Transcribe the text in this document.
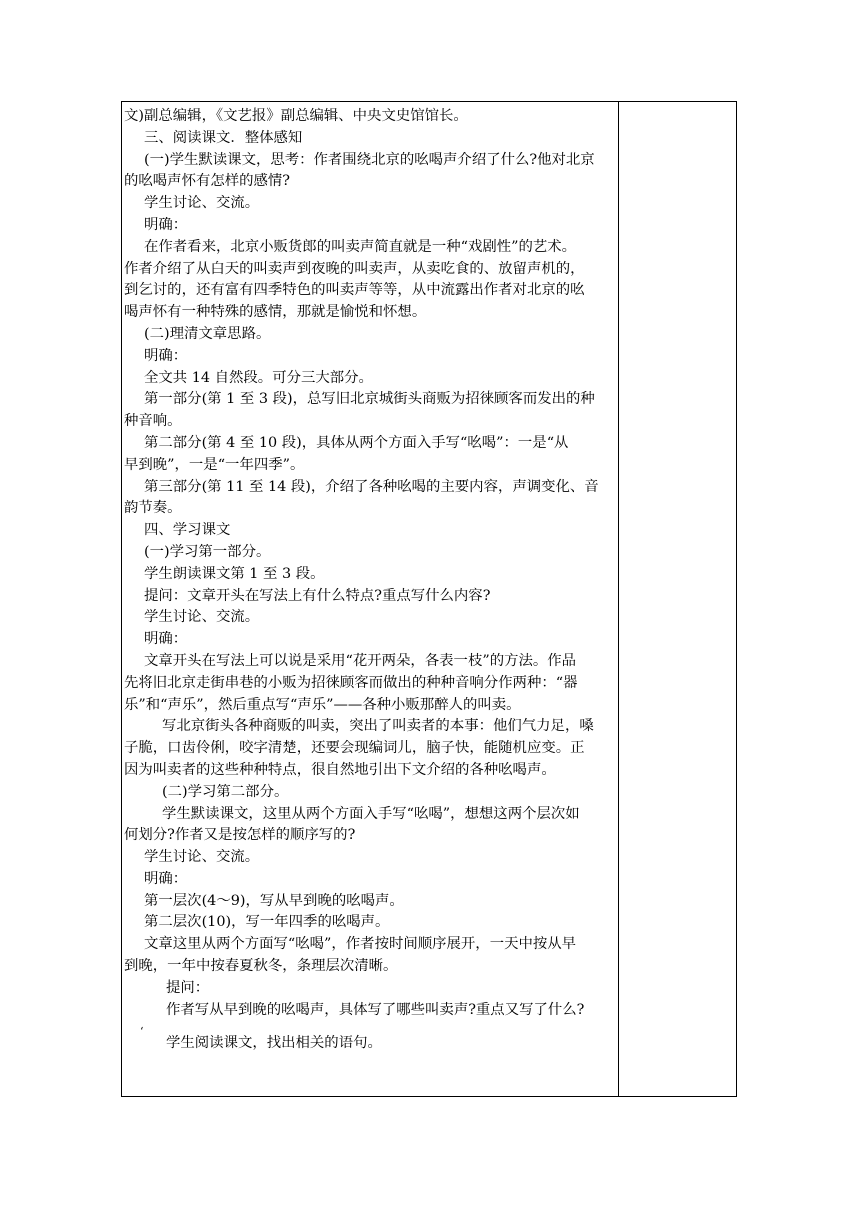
文)副总编辑，《文艺报》副总编辑、中央文史馆馆长。
三、阅读课文．整体感知
(一)学生默读课文，思考：作者围绕北京的吆喝声介绍了什么?他对北京
的吆喝声怀有怎样的感情?
学生讨论、交流。
明确：
在作者看来，北京小贩货郎的叫卖声简直就是一种“戏剧性”的艺术。
作者介绍了从白天的叫卖声到夜晚的叫卖声，从卖吃食的、放留声机的，
到乞讨的，还有富有四季特色的叫卖声等等，从中流露出作者对北京的吆
喝声怀有一种特殊的感情，那就是愉悦和怀想。
(二)理清文章思路。
明确：
全文共 14 自然段。可分三大部分。
第一部分(第 1 至 3 段)，总写旧北京城街头商贩为招徕顾客而发出的种
种音响。
第二部分(第 4 至 10 段)，具体从两个方面入手写“吆喝”：一是“从
早到晚”，一是“一年四季”。
第三部分(第 11 至 14 段)，介绍了各种吆喝的主要内容，声调变化、音
韵节奏。
四、学习课文
(一)学习第一部分。
学生朗读课文第 1 至 3 段。
提问：文章开头在写法上有什么特点?重点写什么内容?
学生讨论、交流。
明确：
文章开头在写法上可以说是采用“花开两朵，各表一枝”的方法。作品
先将旧北京走街串巷的小贩为招徕顾客而做出的种种音响分作两种：“器
乐”和“声乐”，然后重点写“声乐”——各种小贩那醉人的叫卖。
写北京街头各种商贩的叫卖，突出了叫卖者的本事：他们气力足，嗓
子脆，口齿伶俐，咬字清楚，还要会现编词儿，脑子快，能随机应变。正
因为叫卖者的这些种种特点，很自然地引出下文介绍的各种吆喝声。
(二)学习第二部分。
学生默读课文，这里从两个方面入手写“吆喝”，想想这两个层次如
何划分?作者又是按怎样的顺序写的?
学生讨论、交流。
明确：
第一层次(4～9)，写从早到晚的吆喝声。
第二层次(10)，写一年四季的吆喝声。
文章这里从两个方面写“吆喝”，作者按时间顺序展开，一天中按从早
到晚，一年中按春夏秋冬，条理层次清晰。
提问：
作者写从早到晚的吆喝声，具体写了哪些叫卖声?重点又写了什么?
‘
学生阅读课文，找出相关的语句。
